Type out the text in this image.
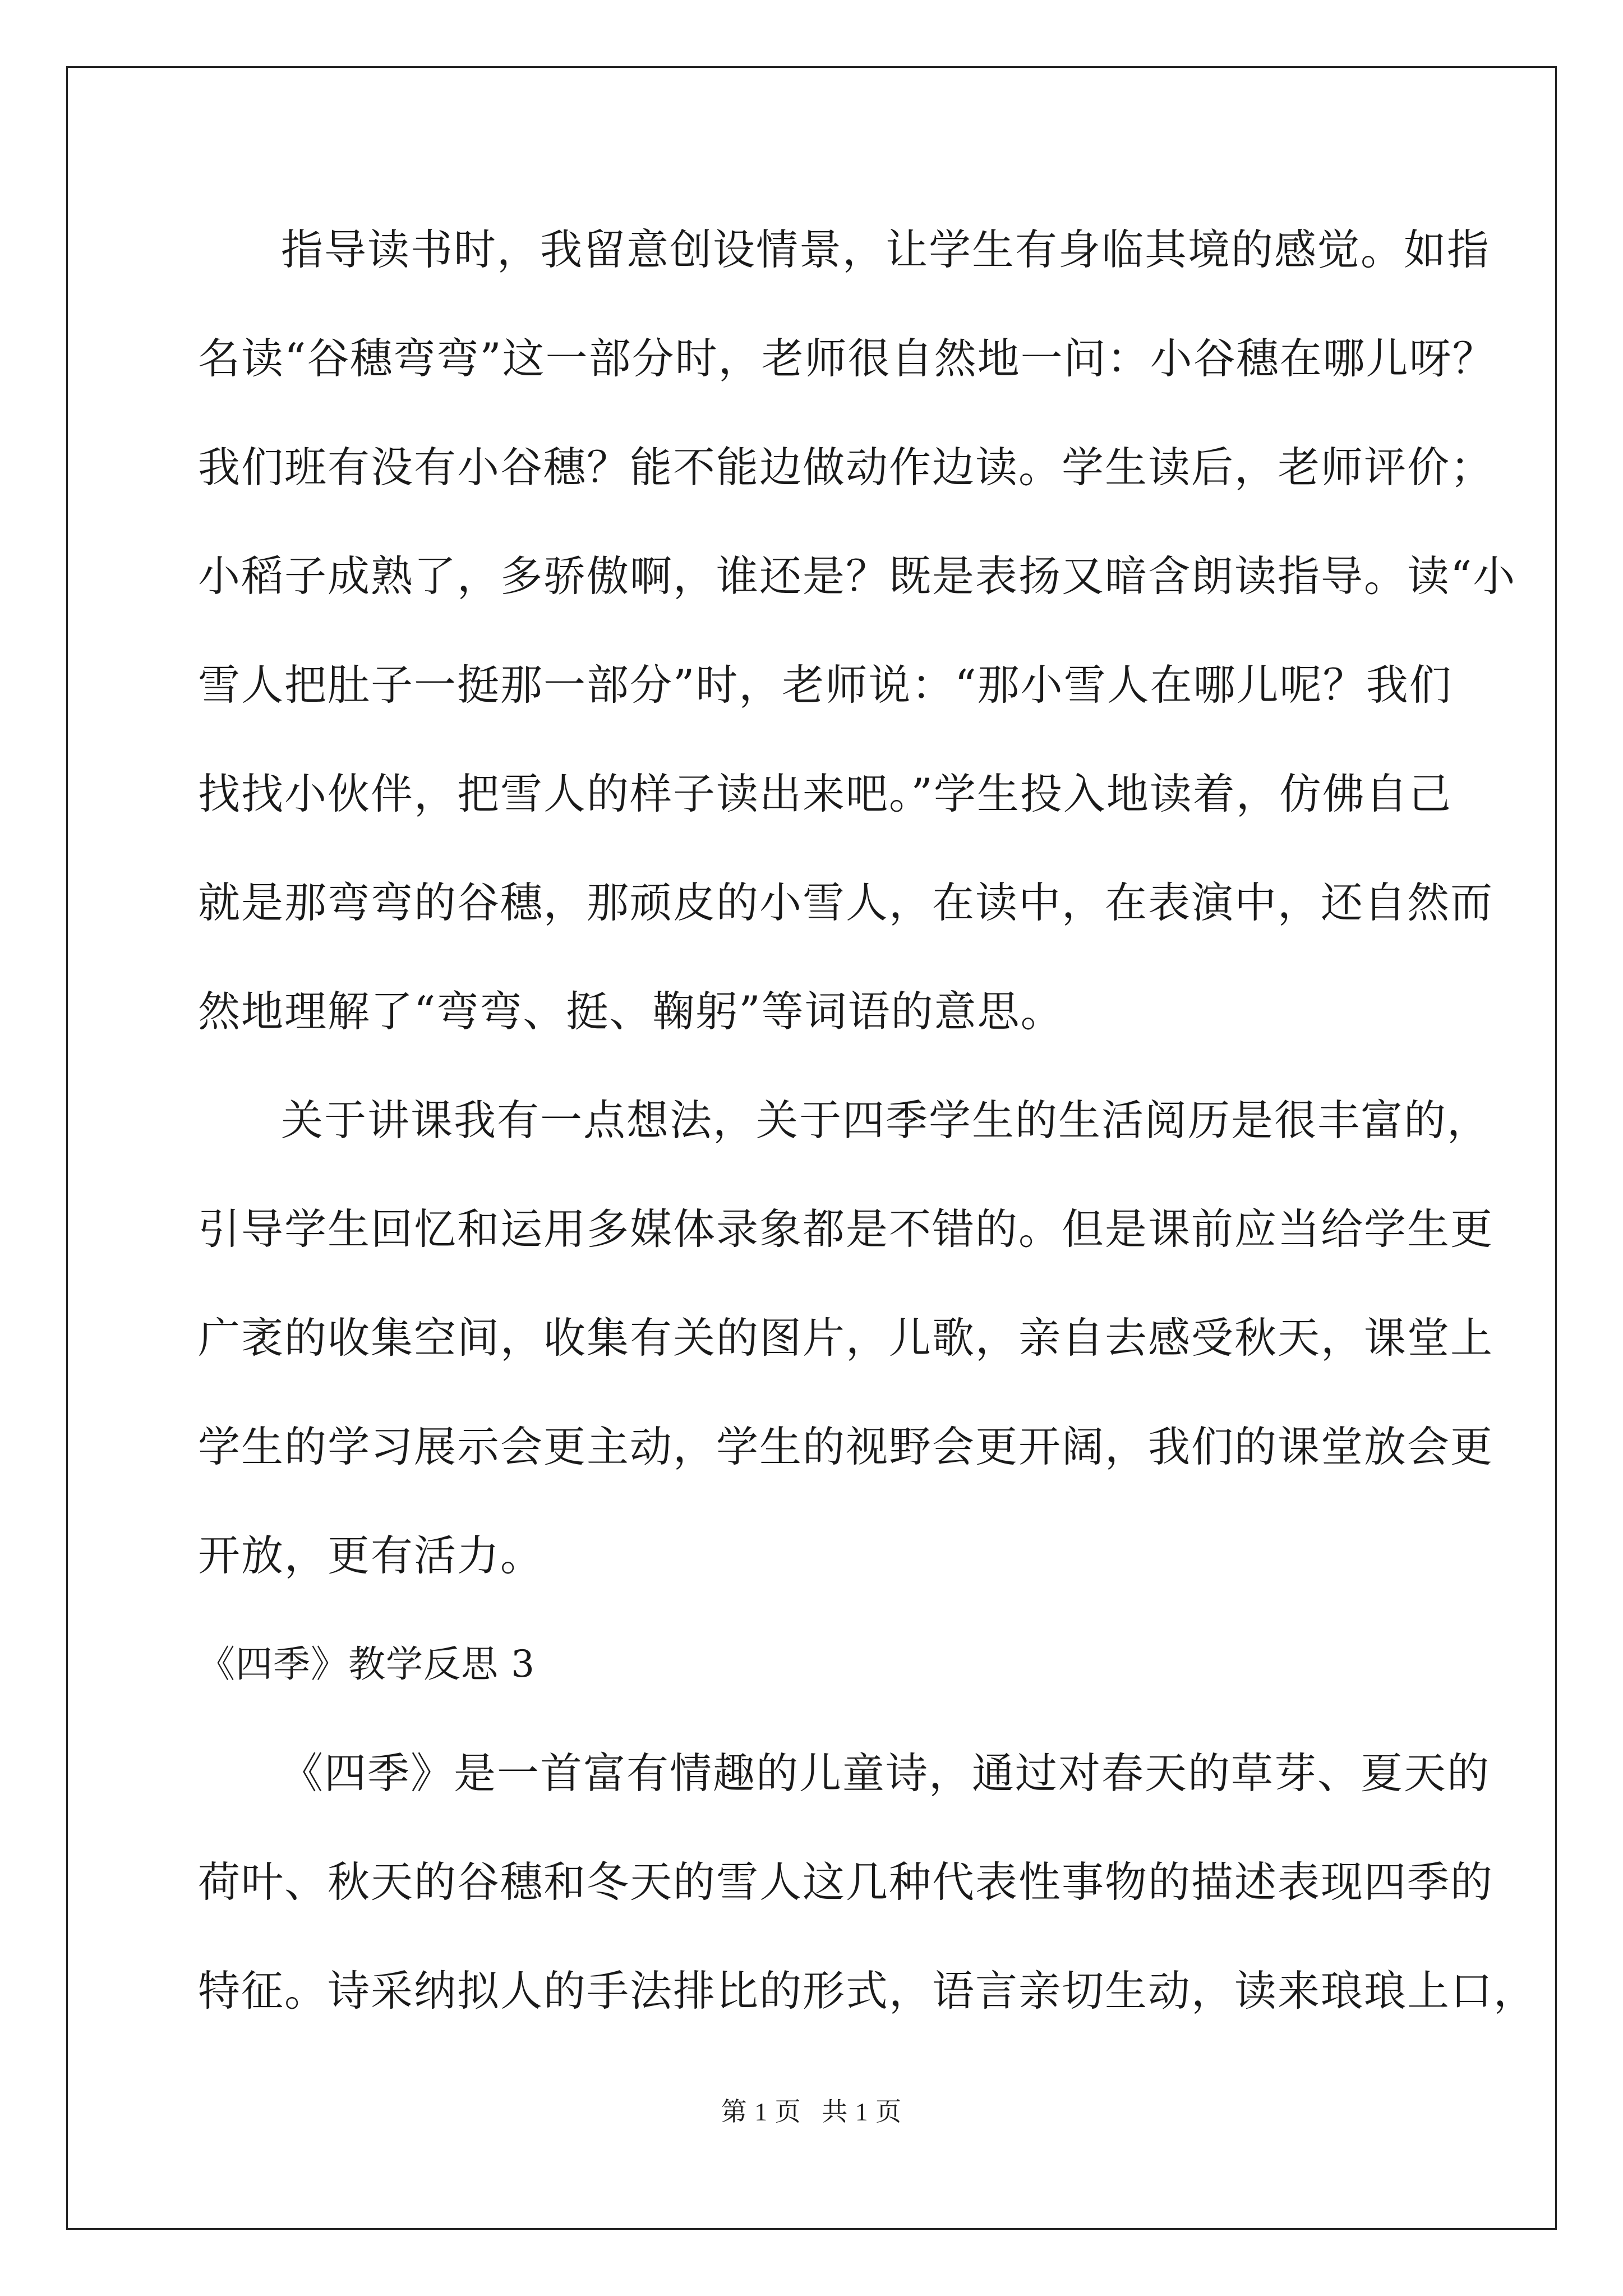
指导读书时，我留意创设情景，让学生有身临其境的感觉。如指
名读“谷穗弯弯”这一部分时，老师很自然地一问：小谷穗在哪儿呀？
我们班有没有小谷穗？能不能边做动作边读。学生读后，老师评价；
小稻子成熟了，多骄傲啊，谁还是？既是表扬又暗含朗读指导。读“小
雪人把肚子一挺那一部分”时，老师说：“那小雪人在哪儿呢？我们
找找小伙伴，把雪人的样子读出来吧。”学生投入地读着，仿佛自己
就是那弯弯的谷穗，那顽皮的小雪人，在读中，在表演中，还自然而
然地理解了“弯弯、挺、鞠躬”等词语的意思。
关于讲课我有一点想法，关于四季学生的生活阅历是很丰富的，
引导学生回忆和运用多媒体录象都是不错的。但是课前应当给学生更
广袤的收集空间，收集有关的图片，儿歌，亲自去感受秋天，课堂上
学生的学习展示会更主动，学生的视野会更开阔，我们的课堂放会更
开放，更有活力。
《四季》教学反思 3
《四季》是一首富有情趣的儿童诗，通过对春天的草芽、夏天的
荷叶、秋天的谷穗和冬天的雪人这几种代表性事物的描述表现四季的
特征。诗采纳拟人的手法排比的形式，语言亲切生动，读来琅琅上口，
第 1 页 共 1 页
